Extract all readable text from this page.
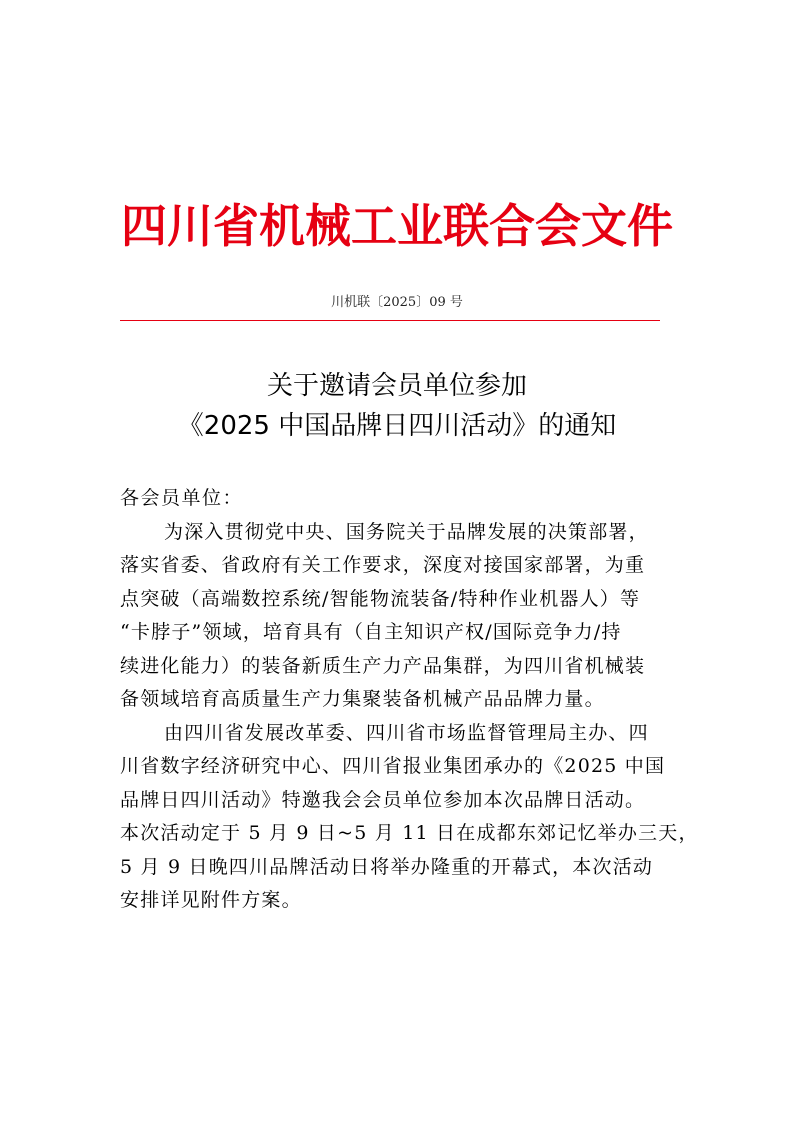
四川省机械工业联合会文件
川机联〔2025〕09 号
关于邀请会员单位参加
《2025 中国品牌日四川活动》的通知

各会员单位：

为深入贯彻党中央、国务院关于品牌发展的决策部署，
落实省委、省政府有关工作要求，深度对接国家部署，为重
点突破（高端数控系统/智能物流装备/特种作业机器人）等
“卡脖子”领域，培育具有（自主知识产权/国际竞争力/持
续进化能力）的装备新质生产力产品集群，为四川省机械装
备领域培育高质量生产力集聚装备机械产品品牌力量。

由四川省发展改革委、四川省市场监督管理局主办、四
川省数字经济研究中心、四川省报业集团承办的《2025 中国
品牌日四川活动》特邀我会会员单位参加本次品牌日活动。
本次活动定于 5 月 9 日~5 月 11 日在成都东郊记忆举办三天，
5 月 9 日晚四川品牌活动日将举办隆重的开幕式，本次活动
安排详见附件方案。
